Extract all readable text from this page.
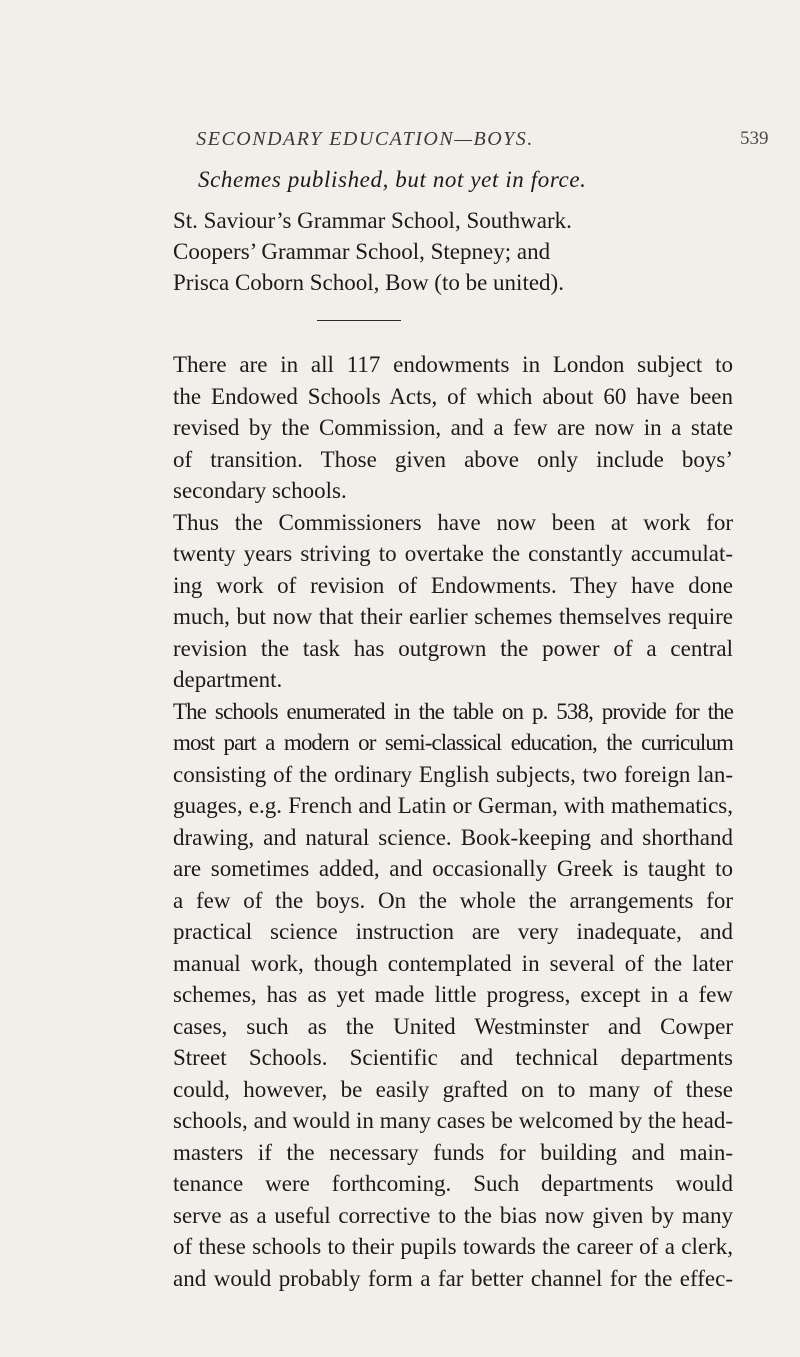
SECONDARY EDUCATION—BOYS.	539
Schemes published, but not yet in force.
St. Saviour’s Grammar School, Southwark.
Coopers’ Grammar School, Stepney; and
Prisca Coborn School, Bow (to be united).
There are in all 117 endowments in London subject to
the Endowed Schools Acts, of which about 60 have been
revised by the Commission, and a few are now in a state
of transition. Those given above only include boys’
secondary schools.
Thus the Commissioners have now been at work for
twenty years striving to overtake the constantly accumulat-
ing work of revision of Endowments. They have done
much, but now that their earlier schemes themselves require
revision the task has outgrown the power of a central
department.
The schools enumerated in the table on p. 538, provide for the
most part a modern or semi-classical education, the curriculum
consisting of the ordinary English subjects, two foreign lan-
guages, e.g. French and Latin or German, with mathematics,
drawing, and natural science. Book-keeping and shorthand
are sometimes added, and occasionally Greek is taught to
a few of the boys. On the whole the arrangements for
practical science instruction are very inadequate, and
manual work, though contemplated in several of the later
schemes, has as yet made little progress, except in a few
cases, such as the United Westminster and Cowper
Street Schools. Scientific and technical departments
could, however, be easily grafted on to many of these
schools, and would in many cases be welcomed by the head-
masters if the necessary funds for building and main-
tenance were forthcoming. Such departments would
serve as a useful corrective to the bias now given by many
of these schools to their pupils towards the career of a clerk,
and would probably form a far better channel for the effec-
